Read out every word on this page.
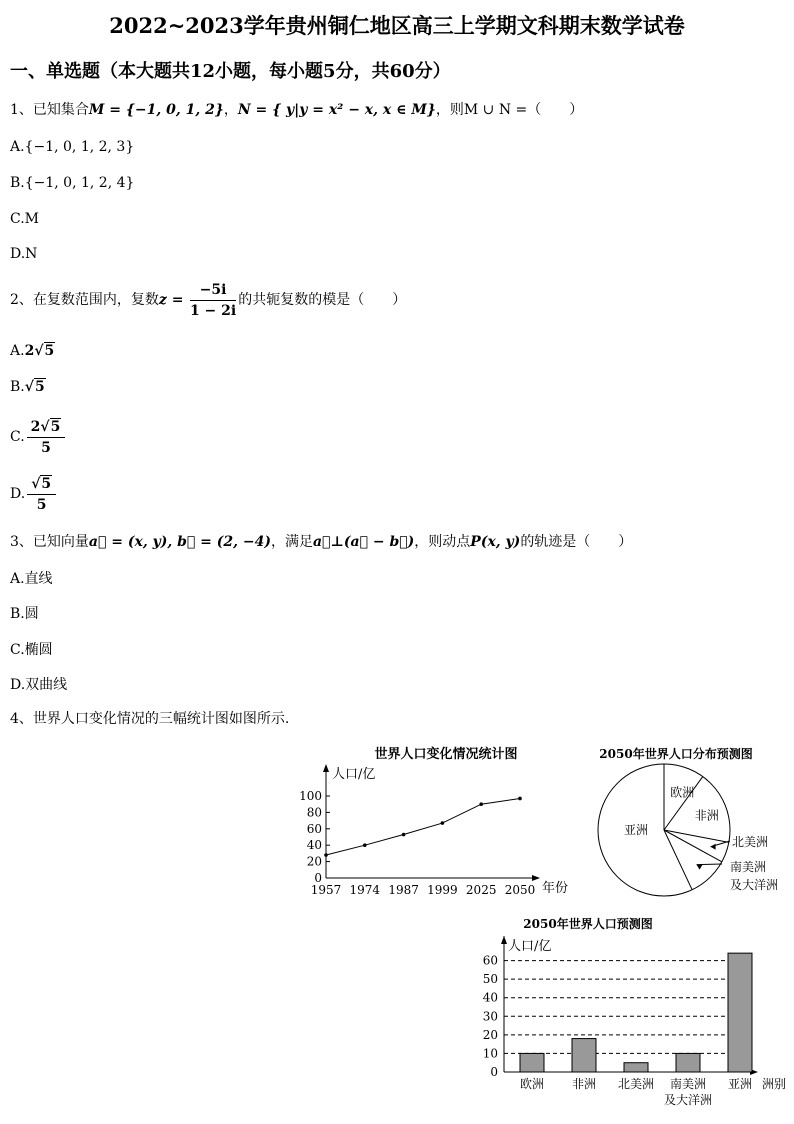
2022~2023学年贵州铜仁地区高三上学期文科期末数学试卷
一、单选题（本大题共12小题，每小题5分，共60分）
1、已知集合M = {−1, 0, 1, 2}，N = { y|y = x² − x, x ∈ M}，则M ∪ N =（　　）
A.{−1, 0, 1, 2, 3}
B.{−1, 0, 1, 2, 4}
C.M
D.N
2、在复数范围内，复数$z = \frac{-5i}{1 - 2i}$ 的共轭复数的模是（　　）
A.2√5
B.√5
C. $\frac{2√5}{5}$
D. $\frac{√5}{5}$
3、已知向量a⃗ = (x, y), b⃗ = (2, −4)，满足a⃗⊥(a⃗ − b⃗)，则动点P(x, y)的轨迹是（　　）
A.直线
B.圆
C.椭圆
D.双曲线
4、世界人口变化情况的三幅统计图如图所示.
世界人口变化情况统计图
人口/亿
年份
0
20
40
60
80
100
1957 1974 1987 1999 2025 2050
2050年世界人口分布预测图
欧洲
非洲
亚洲
北美洲
南美洲
及大洋洲
2050年世界人口预测图
人口/亿
洲别
0
10
20
30
40
50
60
欧洲 非洲 北美洲 南美洲
及大洋洲
亚洲
